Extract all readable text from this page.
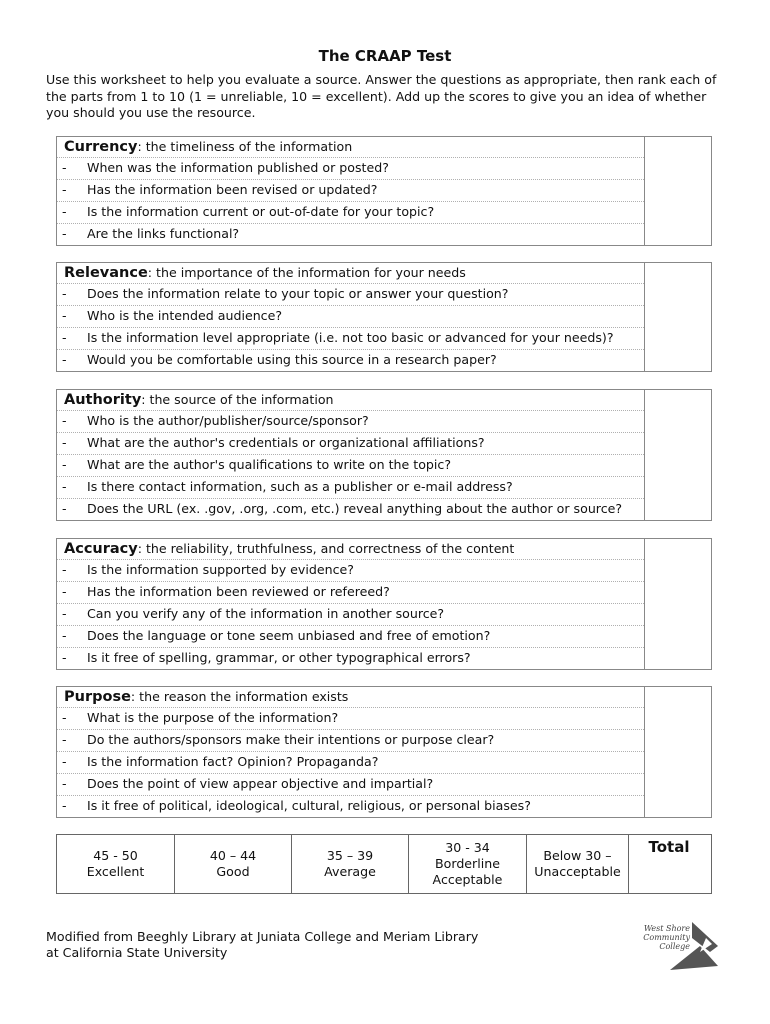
The CRAAP Test
Use this worksheet to help you evaluate a source. Answer the questions as appropriate, then rank each of
the parts from 1 to 10 (1 = unreliable, 10 = excellent). Add up the scores to give you an idea of whether
you should you use the resource.
Currency: the timeliness of the information
- When was the information published or posted?
- Has the information been revised or updated?
- Is the information current or out-of-date for your topic?
- Are the links functional?
Relevance: the importance of the information for your needs
- Does the information relate to your topic or answer your question?
- Who is the intended audience?
- Is the information level appropriate (i.e. not too basic or advanced for your needs)?
- Would you be comfortable using this source in a research paper?
Authority: the source of the information
- Who is the author/publisher/source/sponsor?
- What are the author's credentials or organizational affiliations?
- What are the author's qualifications to write on the topic?
- Is there contact information, such as a publisher or e-mail address?
- Does the URL (ex. .gov, .org, .com, etc.) reveal anything about the author or source?
Accuracy: the reliability, truthfulness, and correctness of the content
- Is the information supported by evidence?
- Has the information been reviewed or refereed?
- Can you verify any of the information in another source?
- Does the language or tone seem unbiased and free of emotion?
- Is it free of spelling, grammar, or other typographical errors?
Purpose: the reason the information exists
- What is the purpose of the information?
- Do the authors/sponsors make their intentions or purpose clear?
- Is the information fact? Opinion? Propaganda?
- Does the point of view appear objective and impartial?
- Is it free of political, ideological, cultural, religious, or personal biases?
45 - 50
Excellent
40 – 44
Good
35 – 39
Average
30 - 34
Borderline
Acceptable
Below 30 –
Unacceptable
Total
Modified from Beeghly Library at Juniata College and Meriam Library
at California State University
West Shore
Community
College
